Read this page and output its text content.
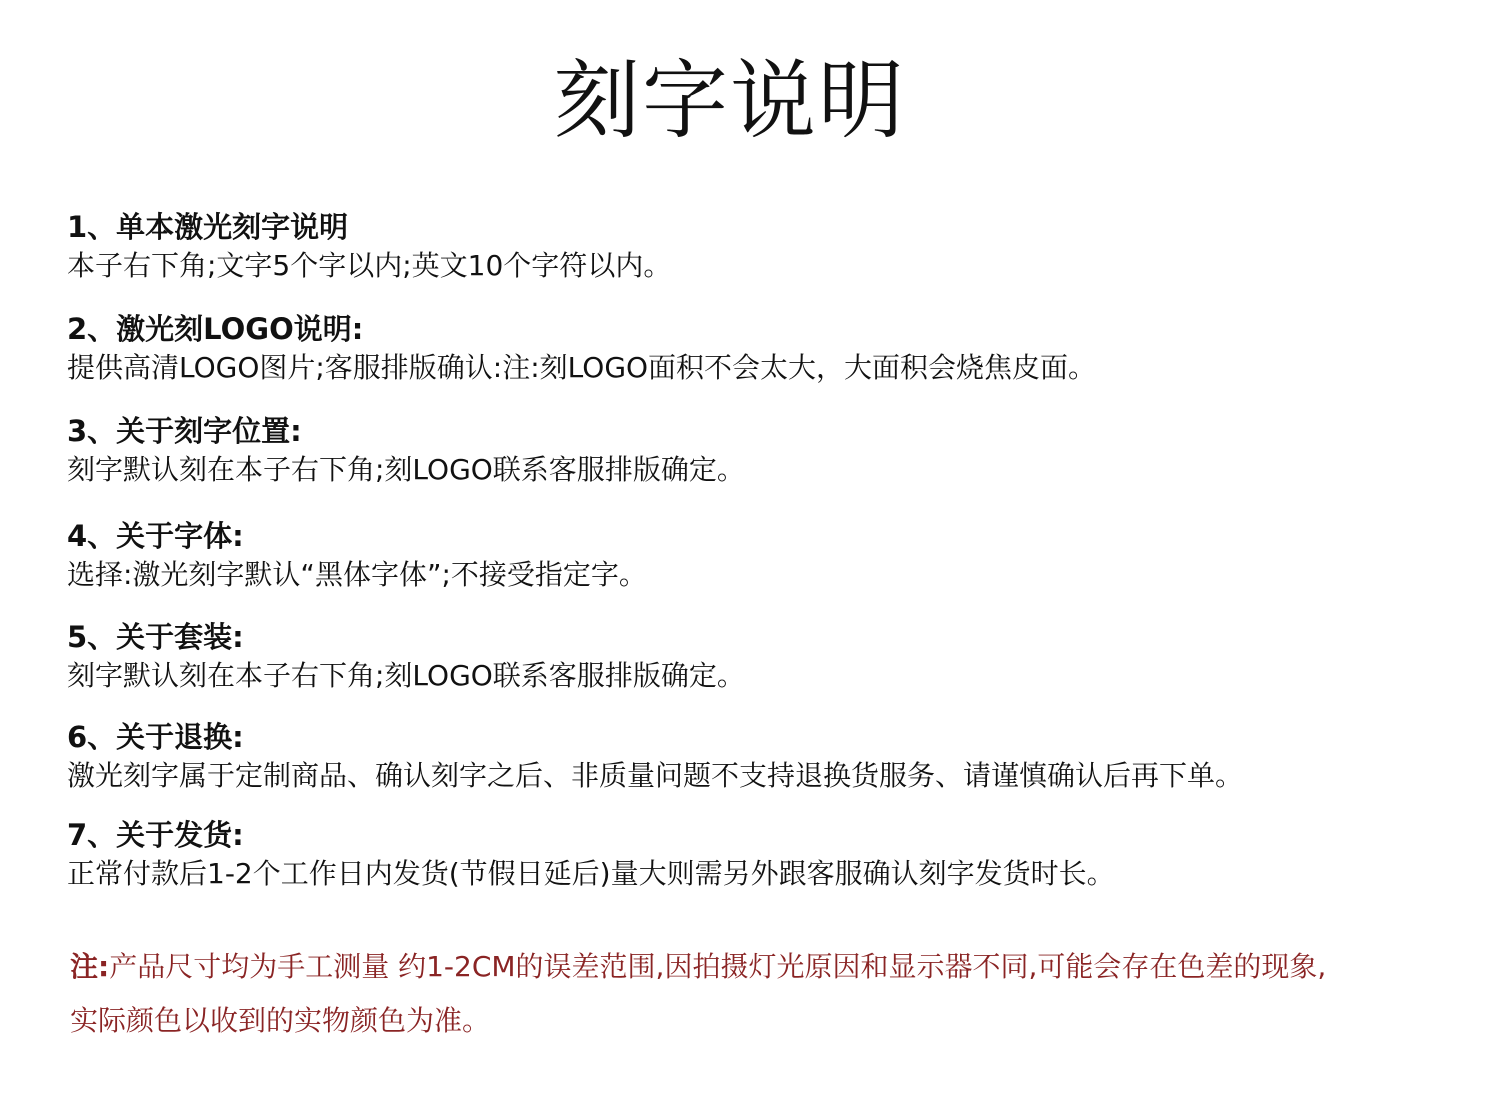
刻字说明
1、单本激光刻字说明
本子右下角;文字5个字以内;英文10个字符以内。
2、激光刻LOGO说明:
提供高清LOGO图片;客服排版确认:注:刻LOGO面积不会太大，大面积会烧焦皮面。
3、关于刻字位置:
刻字默认刻在本子右下角;刻LOGO联系客服排版确定。
4、关于字体:
选择:激光刻字默认“黑体字体”;不接受指定字。
5、关于套装:
刻字默认刻在本子右下角;刻LOGO联系客服排版确定。
6、关于退换:
激光刻字属于定制商品、确认刻字之后、非质量问题不支持退换货服务、请谨慎确认后再下单。
7、关于发货:
正常付款后1-2个工作日内发货(节假日延后)量大则需另外跟客服确认刻字发货时长。
注:产品尺寸均为手工测量 约1-2CM的误差范围,因拍摄灯光原因和显示器不同,可能会存在色差的现象,
实际颜色以收到的实物颜色为准。
